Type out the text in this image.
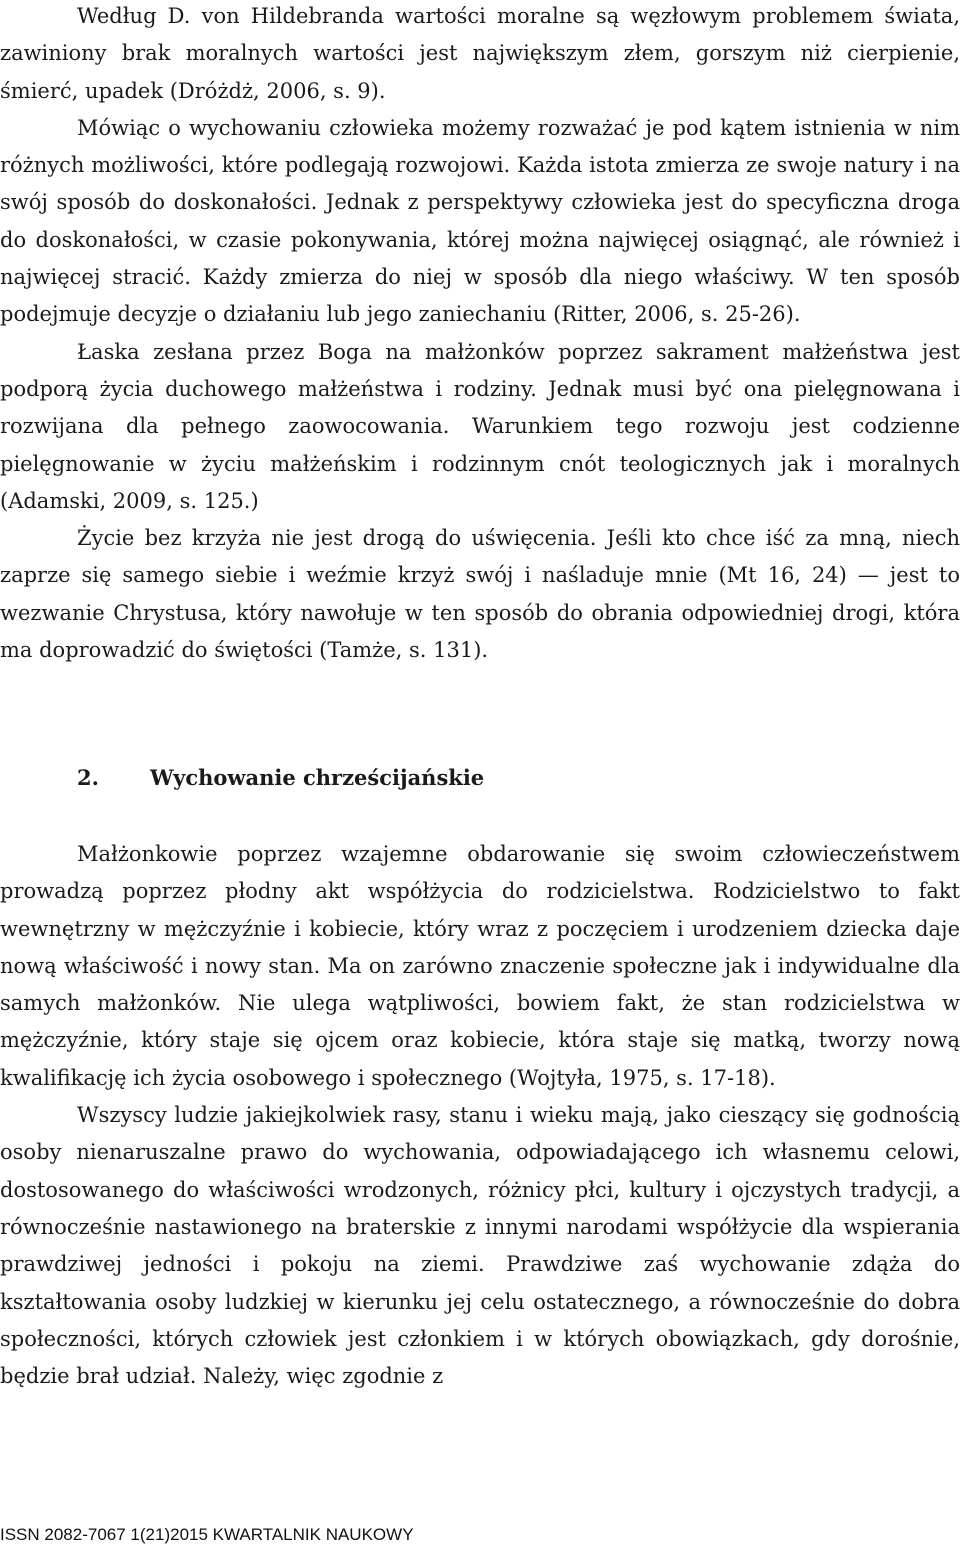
Według D. von Hildebranda wartości moralne są węzłowym problemem świata, zawiniony brak moralnych wartości jest największym złem, gorszym niż cierpienie, śmierć, upadek (Dróżdż, 2006, s. 9).

Mówiąc o wychowaniu człowieka możemy rozważać je pod kątem istnienia w nim różnych możliwości, które podlegają rozwojowi. Każda istota zmierza ze swoje natury i na swój sposób do doskonałości. Jednak z perspektywy człowieka jest do specyficzna droga do doskonałości, w czasie pokonywania, której można najwięcej osiągnąć, ale również i najwięcej stracić. Każdy zmierza do niej w sposób dla niego właściwy. W ten sposób podejmuje decyzje o działaniu lub jego zaniechaniu (Ritter, 2006, s. 25-26).

Łaska zesłana przez Boga na małżonków poprzez sakrament małżeństwa jest podporą życia duchowego małżeństwa i rodziny. Jednak musi być ona pielęgnowana i rozwijana dla pełnego zaowocowania. Warunkiem tego rozwoju jest codzienne pielęgnowanie w życiu małżeńskim i rodzinnym cnót teologicznych jak i moralnych (Adamski, 2009, s. 125.)

Życie bez krzyża nie jest drogą do uświęcenia. Jeśli kto chce iść za mną, niech zaprze się samego siebie i weźmie krzyż swój i naśladuje mnie (Mt 16, 24) — jest to wezwanie Chrystusa, który nawołuje w ten sposób do obrania odpowiedniej drogi, która ma doprowadzić do świętości (Tamże, s. 131).

2. Wychowanie chrześcijańskie

Małżonkowie poprzez wzajemne obdarowanie się swoim człowieczeństwem prowadzą poprzez płodny akt współżycia do rodzicielstwa. Rodzicielstwo to fakt wewnętrzny w mężczyźnie i kobiecie, który wraz z poczęciem i urodzeniem dziecka daje nową właściwość i nowy stan. Ma on zarówno znaczenie społeczne jak i indywidualne dla samych małżonków. Nie ulega wątpliwości, bowiem fakt, że stan rodzicielstwa w mężczyźnie, który staje się ojcem oraz kobiecie, która staje się matką, tworzy nową kwalifikację ich życia osobowego i społecznego (Wojtyła, 1975, s. 17-18).

Wszyscy ludzie jakiejkolwiek rasy, stanu i wieku mają, jako cieszący się godnością osoby nienaruszalne prawo do wychowania, odpowiadającego ich własnemu celowi, dostosowanego do właściwości wrodzonych, różnicy płci, kultury i ojczystych tradycji, a równocześnie nastawionego na braterskie z innymi narodami współżycie dla wspierania prawdziwej jedności i pokoju na ziemi. Prawdziwe zaś wychowanie zdąża do kształtowania osoby ludzkiej w kierunku jej celu ostatecznego, a równocześnie do dobra społeczności, których człowiek jest członkiem i w których obowiązkach, gdy dorośnie, będzie brał udział. Należy, więc zgodnie z

ISSN 2082-7067 1(21)2015 KWARTALNIK NAUKOWY
